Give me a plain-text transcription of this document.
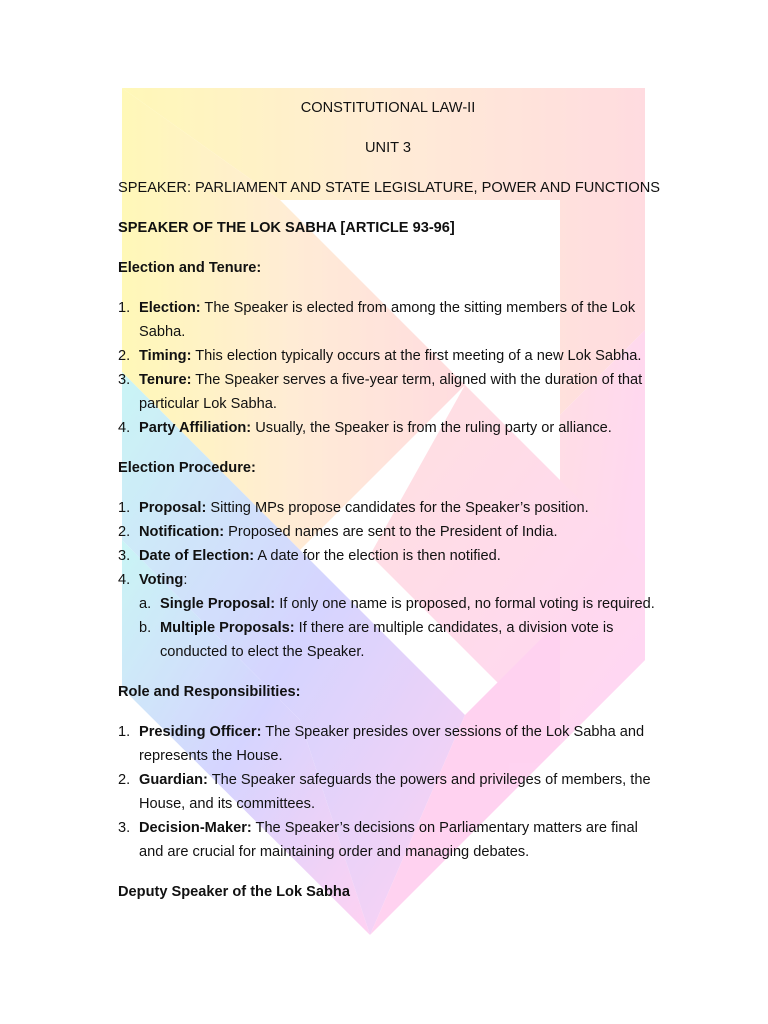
CONSTITUTIONAL LAW-II

UNIT 3

SPEAKER: PARLIAMENT AND STATE LEGISLATURE, POWER AND FUNCTIONS

SPEAKER OF THE LOK SABHA [ARTICLE 93-96]

Election and Tenure:

1. Election: The Speaker is elected from among the sitting members of the Lok Sabha.
2. Timing: This election typically occurs at the first meeting of a new Lok Sabha.
3. Tenure: The Speaker serves a five-year term, aligned with the duration of that particular Lok Sabha.
4. Party Affiliation: Usually, the Speaker is from the ruling party or alliance.

Election Procedure:

1. Proposal: Sitting MPs propose candidates for the Speaker’s position.
2. Notification: Proposed names are sent to the President of India.
3. Date of Election: A date for the election is then notified.
4. Voting:
a. Single Proposal: If only one name is proposed, no formal voting is required.
b. Multiple Proposals: If there are multiple candidates, a division vote is conducted to elect the Speaker.

Role and Responsibilities:

1. Presiding Officer: The Speaker presides over sessions of the Lok Sabha and represents the House.
2. Guardian: The Speaker safeguards the powers and privileges of members, the House, and its committees.
3. Decision-Maker: The Speaker’s decisions on Parliamentary matters are final and are crucial for maintaining order and managing debates.

Deputy Speaker of the Lok Sabha
